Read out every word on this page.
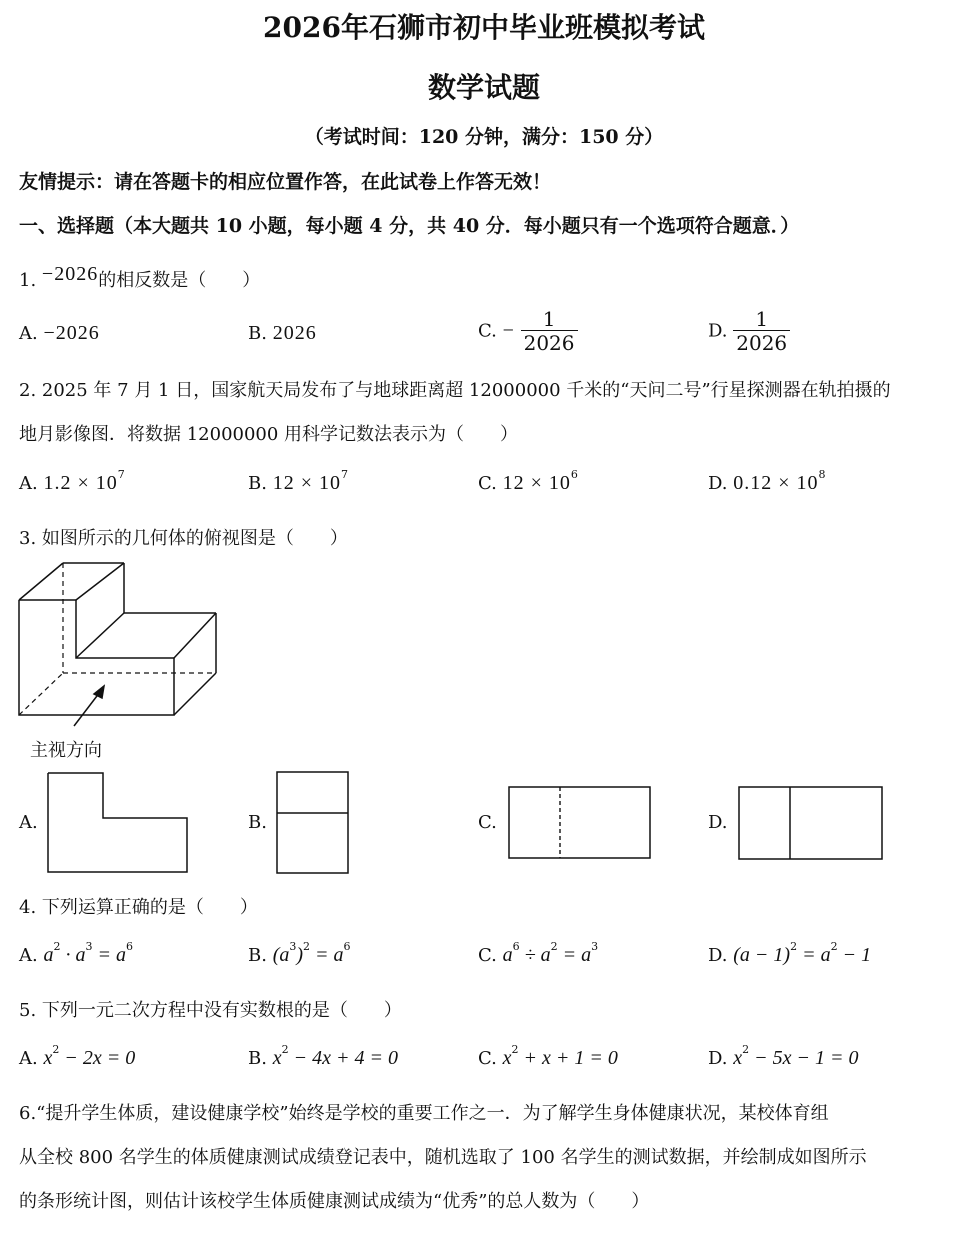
2026年石狮市初中毕业班模拟考试
数学试题
（考试时间：120 分钟，满分：150 分）
友情提示：请在答题卡的相应位置作答，在此试卷上作答无效！
一、选择题（本大题共 10 小题，每小题 4 分，共 40 分．每小题只有一个选项符合题意．）
1. −2026的相反数是（　　）
A. −2026	B. 2026	C. − $\frac{1}{2026}$	D. $\frac{1}{2026}$
2. 2025 年 7 月 1 日，国家航天局发布了与地球距离超 12000000 千米的“天问二号”行星探测器在轨拍摄的
地月影像图．将数据 12000000 用科学记数法表示为（　　）
A. $1.2 \times 10^7$	B. $12 \times 10^7$	C. $12 \times 10^6$	D. $0.12 \times 10^8$
3. 如图所示的几何体的俯视图是（　　）
主视方向
A.	B.	C.	D.
4. 下列运算正确的是（　　）
A. $a^2 \cdot a^3 = a^6$	B. $(a^3)^2 = a^6$	C. $a^6 \div a^2 = a^3$	D. $(a - 1)^2 = a^2 - 1$
5. 下列一元二次方程中没有实数根的是（　　）
A. $x^2 - 2x = 0$	B. $x^2 - 4x + 4 = 0$	C. $x^2 + x + 1 = 0$	D. $x^2 - 5x - 1 = 0$
6.“提升学生体质，建设健康学校”始终是学校的重要工作之一．为了解学生身体健康状况，某校体育组
从全校 800 名学生的体质健康测试成绩登记表中，随机选取了 100 名学生的测试数据，并绘制成如图所示
的条形统计图，则估计该校学生体质健康测试成绩为“优秀”的总人数为（　　）
